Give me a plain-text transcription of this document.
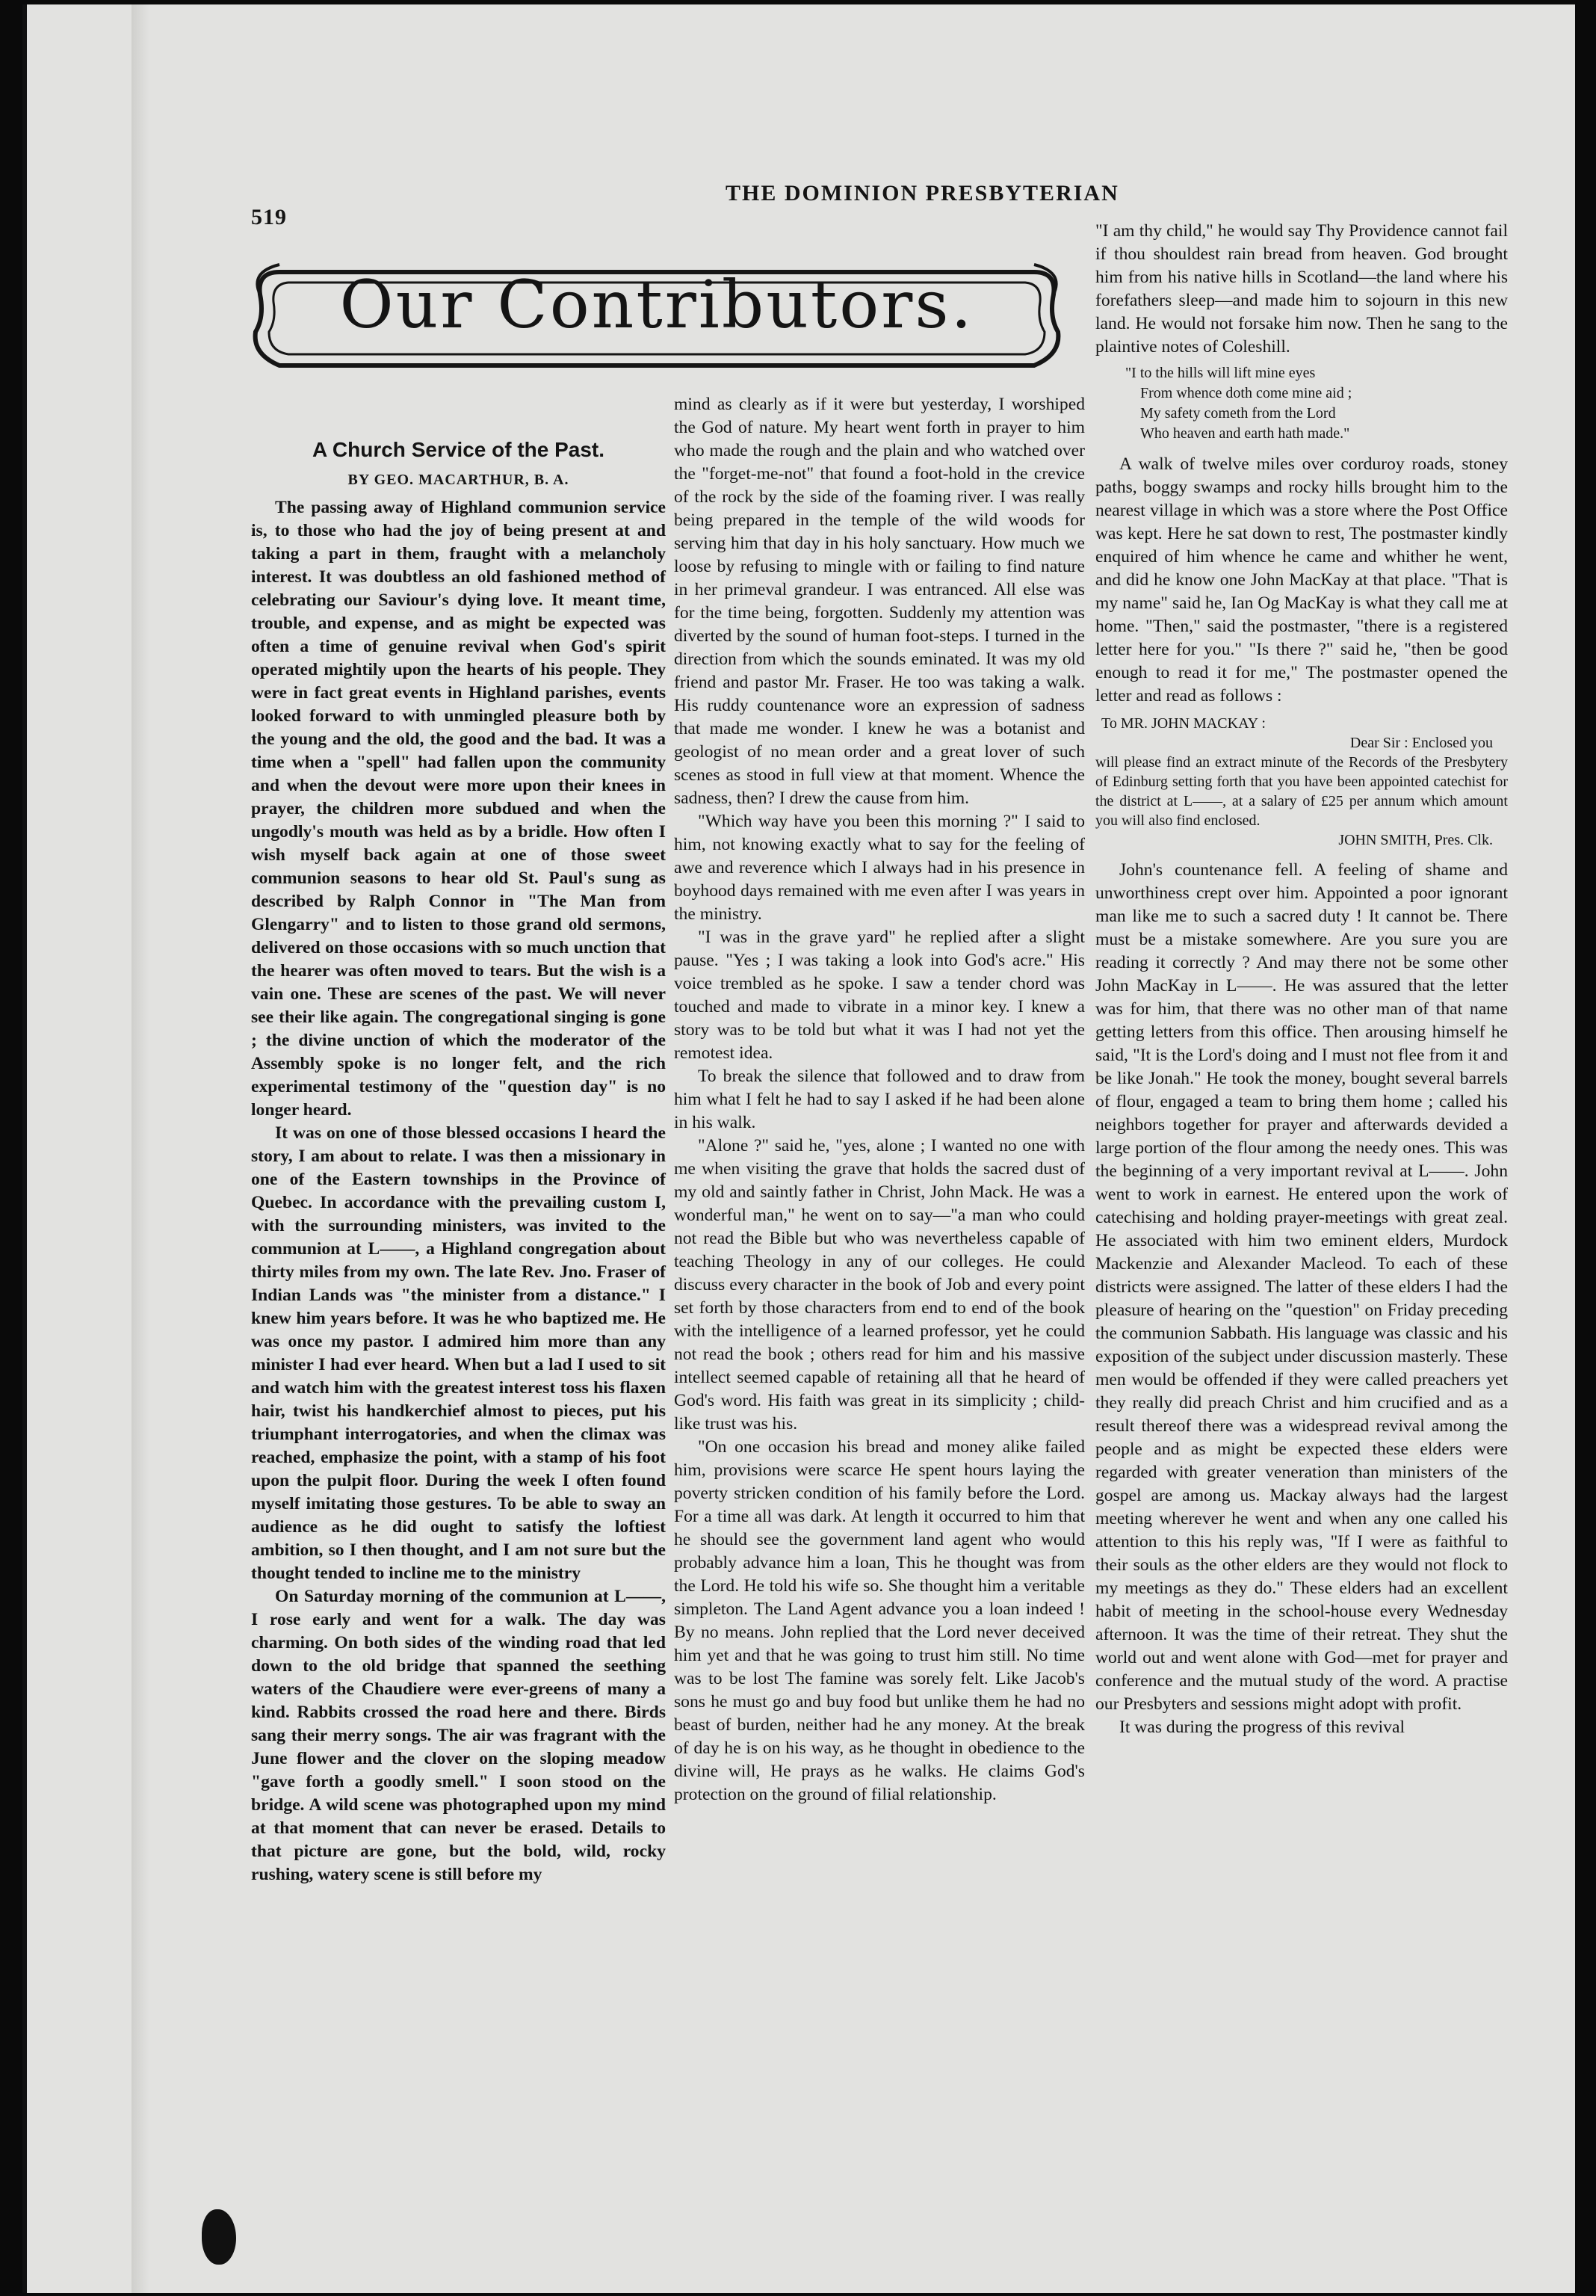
519
THE DOMINION PRESBYTERIAN
Our Contributors.
A Church Service of the Past.
BY GEO. MACARTHUR, B. A.

The passing away of Highland communion service is, to those who had the joy of being present at and taking a part in them, fraught with a melancholy interest. It was doubtless an old fashioned method of celebrating our Saviour's dying love. It meant time, trouble, and expense, and as might be expected was often a time of genuine revival when God's spirit operated mightily upon the hearts of his people. They were in fact great events in Highland parishes, events looked forward to with unmingled pleasure both by the young and the old, the good and the bad. It was a time when a "spell" had fallen upon the community and when the devout were more upon their knees in prayer, the children more subdued and when the ungodly's mouth was held as by a bridle. How often I wish myself back again at one of those sweet communion seasons to hear old St. Paul's sung as described by Ralph Connor in "The Man from Glengarry" and to listen to those grand old sermons, delivered on those occasions with so much unction that the hearer was often moved to tears. But the wish is a vain one. These are scenes of the past. We will never see their like again. The congregational singing is gone ; the divine unction of which the moderator of the Assembly spoke is no longer felt, and the rich experimental testimony of the "question day" is no longer heard.

It was on one of those blessed occasions I heard the story, I am about to relate. I was then a missionary in one of the Eastern townships in the Province of Quebec. In accordance with the prevailing custom I, with the surrounding ministers, was invited to the communion at L——, a Highland congregation about thirty miles from my own. The late Rev. Jno. Fraser of Indian Lands was "the minister from a distance." I knew him years before. It was he who baptized me. He was once my pastor. I admired him more than any minister I had ever heard. When but a lad I used to sit and watch him with the greatest interest toss his flaxen hair, twist his handkerchief almost to pieces, put his triumphant interrogatories, and when the climax was reached, emphasize the point, with a stamp of his foot upon the pulpit floor. During the week I often found myself imitating those gestures. To be able to sway an audience as he did ought to satisfy the loftiest ambition, so I then thought, and I am not sure but the thought tended to incline me to the ministry

On Saturday morning of the communion at L——, I rose early and went for a walk. The day was charming. On both sides of the winding road that led down to the old bridge that spanned the seething waters of the Chaudiere were ever-greens of many a kind. Rabbits crossed the road here and there. Birds sang their merry songs. The air was fragrant with the June flower and the clover on the sloping meadow "gave forth a goodly smell." I soon stood on the bridge. A wild scene was photographed upon my mind at that moment that can never be erased. Details to that picture are gone, but the bold, wild, rocky rushing, watery scene is still before my

mind as clearly as if it were but yesterday, I worshiped the God of nature. My heart went forth in prayer to him who made the rough and the plain and who watched over the "forget-me-not" that found a foot-hold in the crevice of the rock by the side of the foaming river. I was really being prepared in the temple of the wild woods for serving him that day in his holy sanctuary. How much we loose by refusing to mingle with or failing to find nature in her primeval grandeur. I was entranced. All else was for the time being, forgotten. Suddenly my attention was diverted by the sound of human foot-steps. I turned in the direction from which the sounds eminated. It was my old friend and pastor Mr. Fraser. He too was taking a walk. His ruddy countenance wore an expression of sadness that made me wonder. I knew he was a botanist and geologist of no mean order and a great lover of such scenes as stood in full view at that moment. Whence the sadness, then? I drew the cause from him.

"Which way have you been this morning ?" I said to him, not knowing exactly what to say for the feeling of awe and reverence which I always had in his presence in boyhood days remained with me even after I was years in the ministry.

"I was in the grave yard" he replied after a slight pause. "Yes ; I was taking a look into God's acre." His voice trembled as he spoke. I saw a tender chord was touched and made to vibrate in a minor key. I knew a story was to be told but what it was I had not yet the remotest idea.

To break the silence that followed and to draw from him what I felt he had to say I asked if he had been alone in his walk.

"Alone ?" said he, "yes, alone ; I wanted no one with me when visiting the grave that holds the sacred dust of my old and saintly father in Christ, John Mack. He was a wonderful man," he went on to say—"a man who could not read the Bible but who was nevertheless capable of teaching Theology in any of our colleges. He could discuss every character in the book of Job and every point set forth by those characters from end to end of the book with the intelligence of a learned professor, yet he could not read the book ; others read for him and his massive intellect seemed capable of retaining all that he heard of God's word. His faith was great in its simplicity ; child-like trust was his.

"On one occasion his bread and money alike failed him, provisions were scarce He spent hours laying the poverty stricken condition of his family before the Lord. For a time all was dark. At length it occurred to him that he should see the government land agent who would probably advance him a loan, This he thought was from the Lord. He told his wife so. She thought him a veritable simpleton. The Land Agent advance you a loan indeed ! By no means. John replied that the Lord never deceived him yet and that he was going to trust him still. No time was to be lost The famine was sorely felt. Like Jacob's sons he must go and buy food but unlike them he had no beast of burden, neither had he any money. At the break of day he is on his way, as he thought in obedience to the divine will, He prays as he walks. He claims God's protection on the ground of filial relationship.

"I am thy child," he would say Thy Providence cannot fail if thou shouldest rain bread from heaven. God brought him from his native hills in Scotland—the land where his forefathers sleep—and made him to sojourn in this new land. He would not forsake him now. Then he sang to the plaintive notes of Coleshill.

"I to the hills will lift mine eyes
From whence doth come mine aid ;
My safety cometh from the Lord
Who heaven and earth hath made."

A walk of twelve miles over corduroy roads, stoney paths, boggy swamps and rocky hills brought him to the nearest village in which was a store where the Post Office was kept. Here he sat down to rest, The postmaster kindly enquired of him whence he came and whither he went, and did he know one John MacKay at that place. "That is my name" said he, Ian Og MacKay is what they call me at home. "Then," said the postmaster, "there is a registered letter here for you." "Is there ?" said he, "then be good enough to read it for me," The postmaster opened the letter and read as follows :

To MR. JOHN MACKAY :
Dear Sir : Enclosed you
will please find an extract minute of the Records of the Presbytery of Edinburg setting forth that you have been appointed catechist for the district at L——, at a salary of £25 per annum which amount you will also find enclosed.
JOHN SMITH, Pres. Clk.

John's countenance fell. A feeling of shame and unworthiness crept over him. Appointed a poor ignorant man like me to such a sacred duty ! It cannot be. There must be a mistake somewhere. Are you sure you are reading it correctly ? And may there not be some other John MacKay in L——. He was assured that the letter was for him, that there was no other man of that name getting letters from this office. Then arousing himself he said, "It is the Lord's doing and I must not flee from it and be like Jonah." He took the money, bought several barrels of flour, engaged a team to bring them home ; called his neighbors together for prayer and afterwards devided a large portion of the flour among the needy ones. This was the beginning of a very important revival at L——. John went to work in earnest. He entered upon the work of catechising and holding prayer-meetings with great zeal. He associated with him two eminent elders, Murdock Mackenzie and Alexander Macleod. To each of these districts were assigned. The latter of these elders I had the pleasure of hearing on the "question" on Friday preceding the communion Sabbath. His language was classic and his exposition of the subject under discussion masterly. These men would be offended if they were called preachers yet they really did preach Christ and him crucified and as a result thereof there was a widespread revival among the people and as might be expected these elders were regarded with greater veneration than ministers of the gospel are among us. Mackay always had the largest meeting wherever he went and when any one called his attention to this his reply was, "If I were as faithful to their souls as the other elders are they would not flock to my meetings as they do." These elders had an excellent habit of meeting in the school-house every Wednesday afternoon. It was the time of their retreat. They shut the world out and went alone with God—met for prayer and conference and the mutual study of the word. A practise our Presbyters and sessions might adopt with profit.

It was during the progress of this revival
